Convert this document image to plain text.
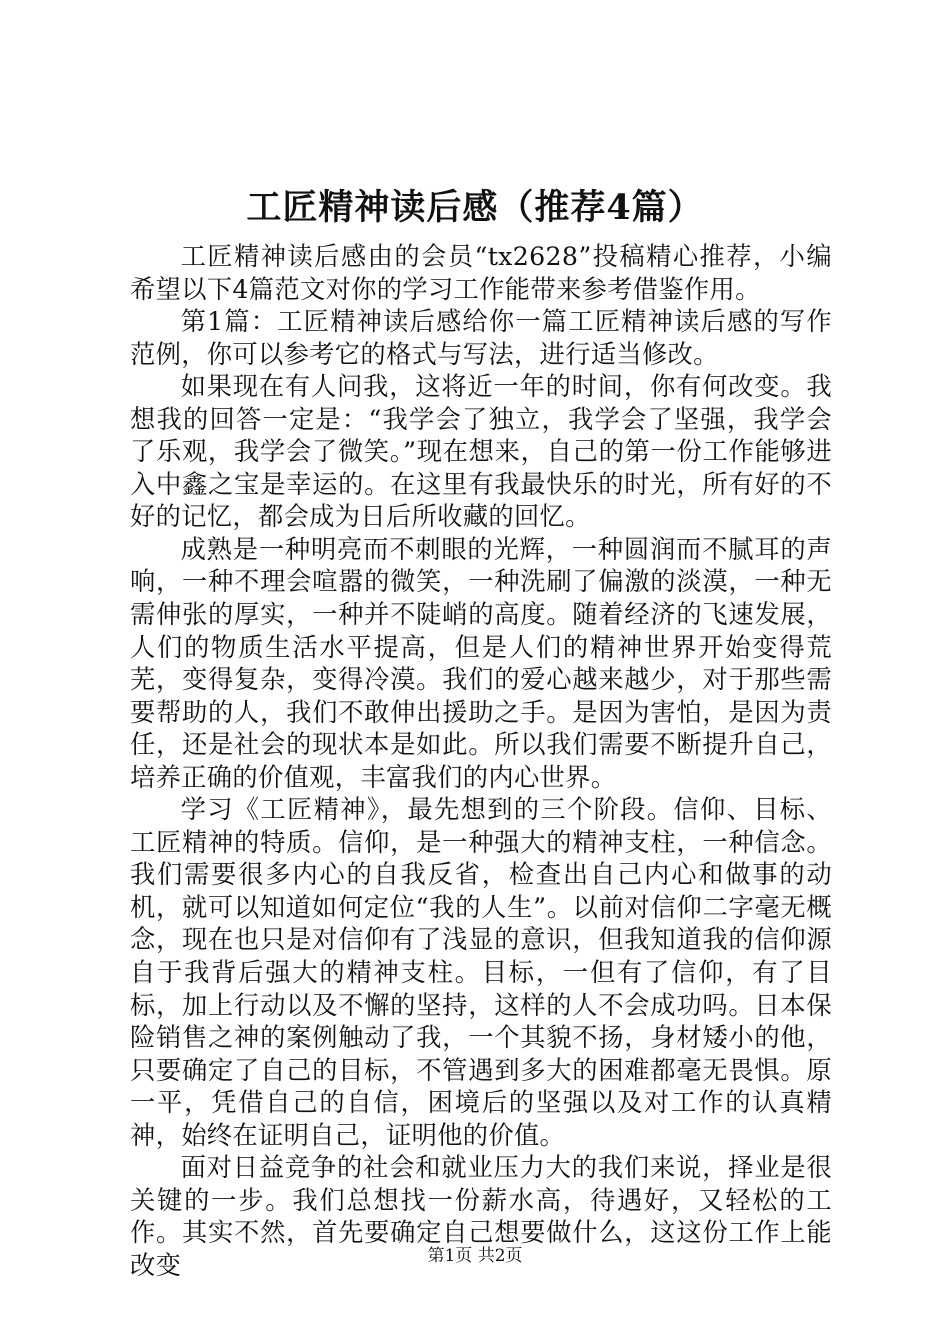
工匠精神读后感（推荐4篇）

工匠精神读后感由的会员“tx2628”投稿精心推荐，小编希望以下4篇范文对你的学习工作能带来参考借鉴作用。

第1篇：工匠精神读后感给你一篇工匠精神读后感的写作范例，你可以参考它的格式与写法，进行适当修改。

如果现在有人问我，这将近一年的时间，你有何改变。我想我的回答一定是：“我学会了独立，我学会了坚强，我学会了乐观，我学会了微笑。”现在想来，自己的第一份工作能够进入中鑫之宝是幸运的。在这里有我最快乐的时光，所有好的不好的记忆，都会成为日后所收藏的回忆。

成熟是一种明亮而不刺眼的光辉，一种圆润而不腻耳的声响，一种不理会喧嚣的微笑，一种洗刷了偏激的淡漠，一种无需伸张的厚实，一种并不陡峭的高度。随着经济的飞速发展，人们的物质生活水平提高，但是人们的精神世界开始变得荒芜，变得复杂，变得冷漠。我们的爱心越来越少，对于那些需要帮助的人，我们不敢伸出援助之手。是因为害怕，是因为责任，还是社会的现状本是如此。所以我们需要不断提升自己，培养正确的价值观，丰富我们的内心世界。

学习《工匠精神》，最先想到的三个阶段。信仰、目标、工匠精神的特质。信仰，是一种强大的精神支柱，一种信念。我们需要很多内心的自我反省，检查出自己内心和做事的动机，就可以知道如何定位“我的人生”。以前对信仰二字毫无概念，现在也只是对信仰有了浅显的意识，但我知道我的信仰源自于我背后强大的精神支柱。目标，一但有了信仰，有了目标，加上行动以及不懈的坚持，这样的人不会成功吗。日本保险销售之神的案例触动了我，一个其貌不扬，身材矮小的他，只要确定了自己的目标，不管遇到多大的困难都毫无畏惧。原一平，凭借自己的自信，困境后的坚强以及对工作的认真精神，始终在证明自己，证明他的价值。

面对日益竞争的社会和就业压力大的我们来说，择业是很关键的一步。我们总想找一份薪水高，待遇好，又轻松的工作。其实不然，首先要确定自己想要做什么，这这份工作上能改变	第1页 共2页
